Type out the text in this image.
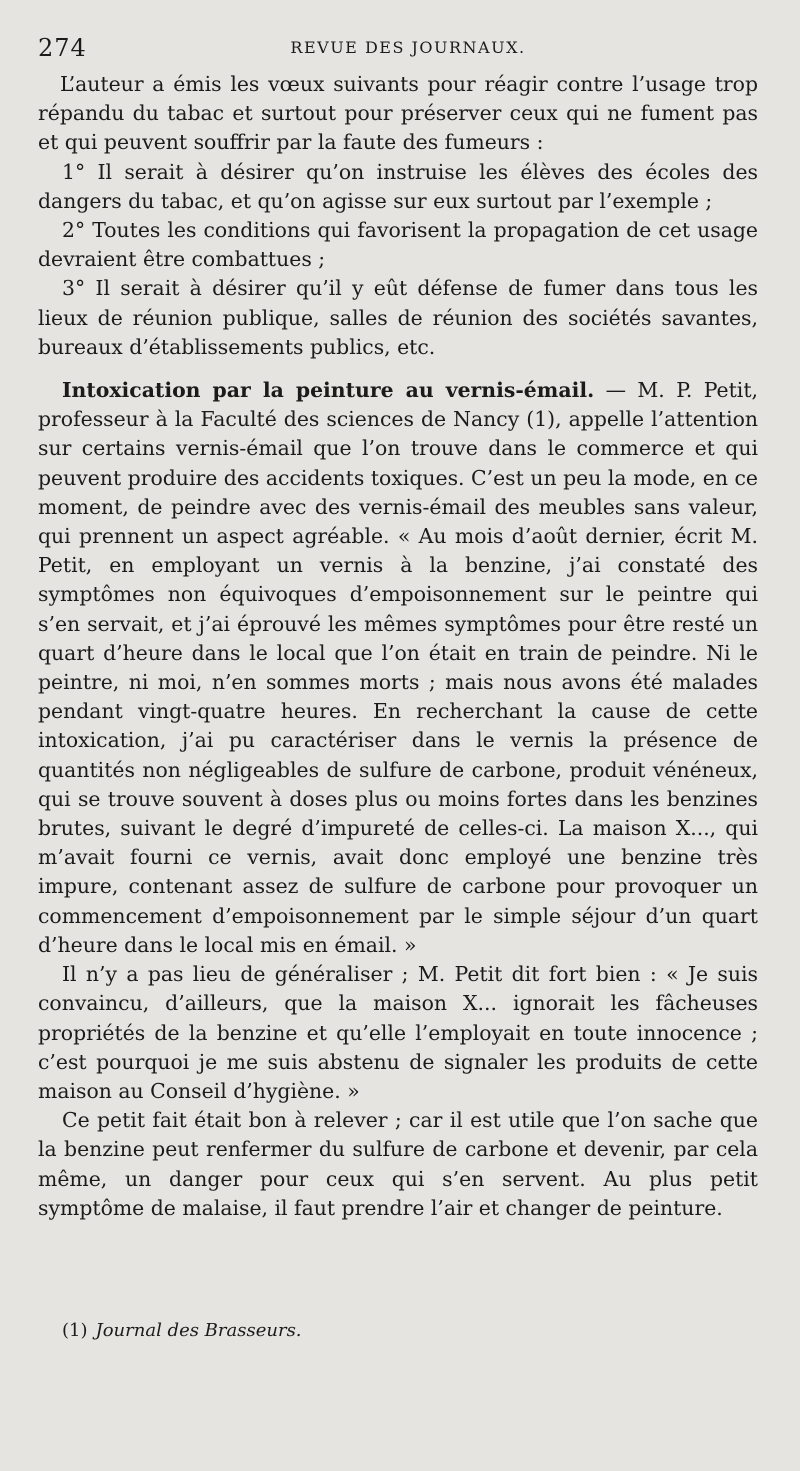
274	REVUE DES JOURNAUX.

L’auteur a émis les vœux suivants pour réagir contre l’usage trop répandu du tabac et surtout pour préserver ceux qui ne fument pas et qui peuvent souffrir par la faute des fumeurs :

1° Il serait à désirer qu’on instruise les élèves des écoles des dangers du tabac, et qu’on agisse sur eux surtout par l’exemple ;

2° Toutes les conditions qui favorisent la propagation de cet usage devraient être combattues ;

3° Il serait à désirer qu’il y eût défense de fumer dans tous les lieux de réunion publique, salles de réunion des sociétés savantes, bureaux d’établissements publics, etc.

Intoxication par la peinture au vernis-émail. — M. P. Petit, professeur à la Faculté des sciences de Nancy (1), appelle l’attention sur certains vernis-émail que l’on trouve dans le commerce et qui peuvent produire des accidents toxiques. C’est un peu la mode, en ce moment, de peindre avec des vernis-émail des meubles sans valeur, qui prennent un aspect agréable. « Au mois d’août dernier, écrit M. Petit, en employant un vernis à la benzine, j’ai constaté des symptômes non équivoques d’empoisonnement sur le peintre qui s’en servait, et j’ai éprouvé les mêmes symptômes pour être resté un quart d’heure dans le local que l’on était en train de peindre. Ni le peintre, ni moi, n’en sommes morts ; mais nous avons été malades pendant vingt-quatre heures. En recherchant la cause de cette intoxication, j’ai pu caractériser dans le vernis la présence de quantités non négligeables de sulfure de carbone, produit vénéneux, qui se trouve souvent à doses plus ou moins fortes dans les benzines brutes, suivant le degré d’impureté de celles-ci. La maison X..., qui m’avait fourni ce vernis, avait donc employé une benzine très impure, contenant assez de sulfure de carbone pour provoquer un commencement d’empoisonnement par le simple séjour d’un quart d’heure dans le local mis en émail. »

Il n’y a pas lieu de généraliser ; M. Petit dit fort bien : « Je suis convaincu, d’ailleurs, que la maison X... ignorait les fâcheuses propriétés de la benzine et qu’elle l’employait en toute innocence ; c’est pourquoi je me suis abstenu de signaler les produits de cette maison au Conseil d’hygiène. »

Ce petit fait était bon à relever ; car il est utile que l’on sache que la benzine peut renfermer du sulfure de carbone et devenir, par cela même, un danger pour ceux qui s’en servent. Au plus petit symptôme de malaise, il faut prendre l’air et changer de peinture.

(1) Journal des Brasseurs.
